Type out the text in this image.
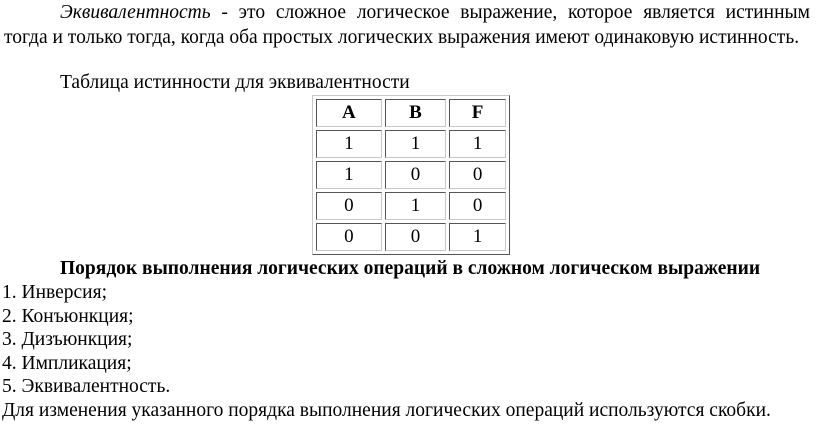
Эквивалентность - это сложное логическое выражение, которое является истинным тогда и только тогда, когда оба простых логических выражения имеют одинаковую истинность.

Таблица истинности для эквивалентности

A	B	F
1	1	1
1	0	0
0	1	0
0	0	1

Порядок выполнения логических операций в сложном логическом выражении

1. Инверсия;
2. Конъюнкция;
3. Дизъюнкция;
4. Импликация;
5. Эквивалентность.

Для изменения указанного порядка выполнения логических операций используются скобки.
